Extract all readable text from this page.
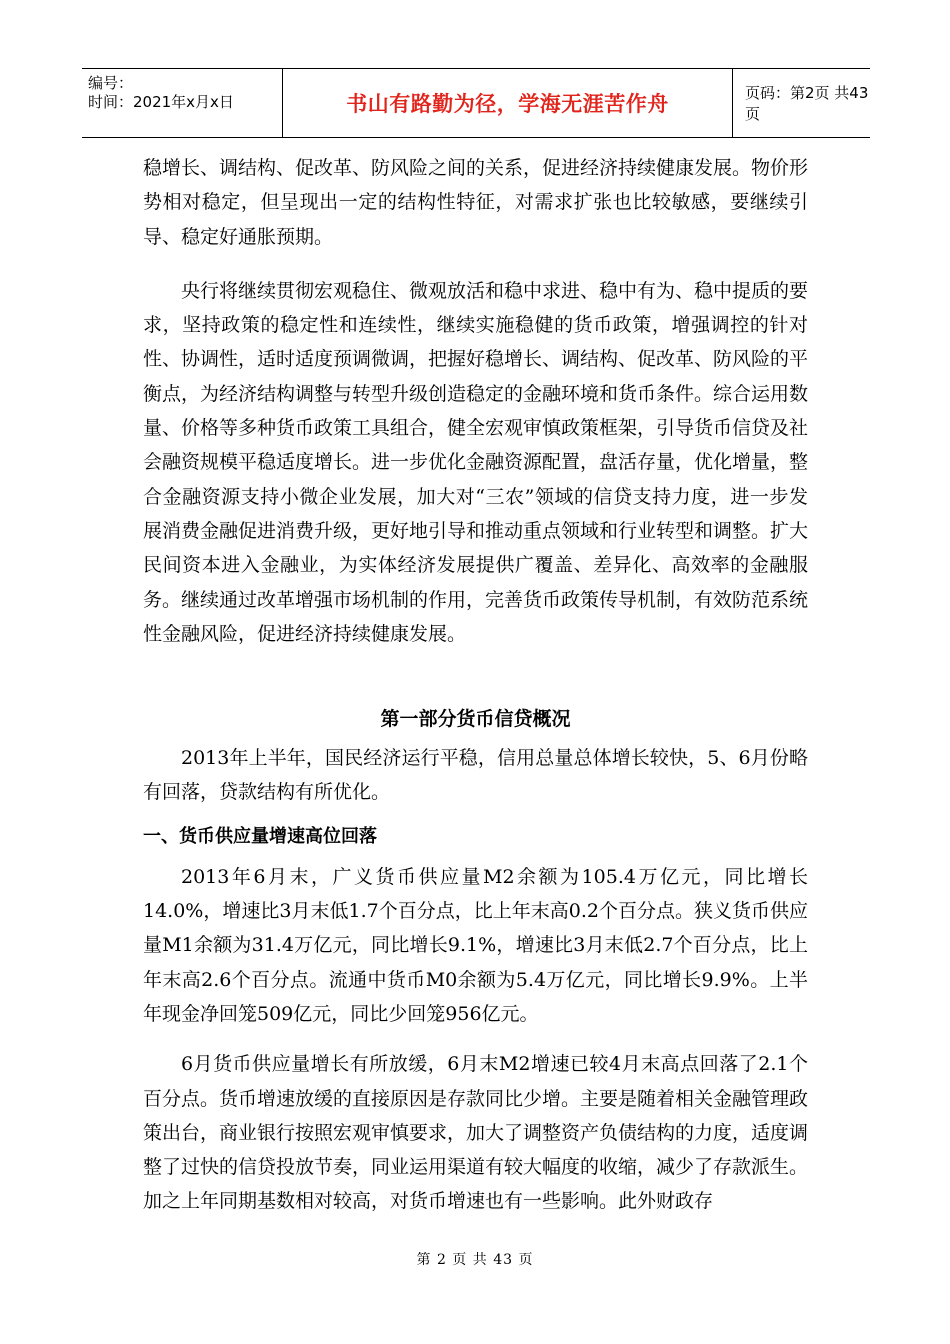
编号：
时间：2021年x月x日	书山有路勤为径，学海无涯苦作舟	页码：第2页 共43页

稳增长、调结构、促改革、防风险之间的关系，促进经济持续健康发展。物价形势相对稳定，但呈现出一定的结构性特征，对需求扩张也比较敏感，要继续引导、稳定好通胀预期。

央行将继续贯彻宏观稳住、微观放活和稳中求进、稳中有为、稳中提质的要求，坚持政策的稳定性和连续性，继续实施稳健的货币政策，增强调控的针对性、协调性，适时适度预调微调，把握好稳增长、调结构、促改革、防风险的平衡点，为经济结构调整与转型升级创造稳定的金融环境和货币条件。综合运用数量、价格等多种货币政策工具组合，健全宏观审慎政策框架，引导货币信贷及社会融资规模平稳适度增长。进一步优化金融资源配置，盘活存量，优化增量，整合金融资源支持小微企业发展，加大对“三农”领域的信贷支持力度，进一步发展消费金融促进消费升级，更好地引导和推动重点领域和行业转型和调整。扩大民间资本进入金融业，为实体经济发展提供广覆盖、差异化、高效率的金融服务。继续通过改革增强市场机制的作用，完善货币政策传导机制，有效防范系统性金融风险，促进经济持续健康发展。

第一部分货币信贷概况

2013年上半年，国民经济运行平稳，信用总量总体增长较快，5、6月份略有回落，贷款结构有所优化。

一、货币供应量增速高位回落

2013年6月末，广义货币供应量M2余额为105.4万亿元，同比增长14.0%，增速比3月末低1.7个百分点，比上年末高0.2个百分点。狭义货币供应量M1余额为31.4万亿元，同比增长9.1%，增速比3月末低2.7个百分点，比上年末高2.6个百分点。流通中货币M0余额为5.4万亿元，同比增长9.9%。上半年现金净回笼509亿元，同比少回笼956亿元。

6月货币供应量增长有所放缓，6月末M2增速已较4月末高点回落了2.1个百分点。货币增速放缓的直接原因是存款同比少增。主要是随着相关金融管理政策出台，商业银行按照宏观审慎要求，加大了调整资产负债结构的力度，适度调整了过快的信贷投放节奏，同业运用渠道有较大幅度的收缩，减少了存款派生。加之上年同期基数相对较高，对货币增速也有一些影响。此外财政存

第 2 页 共 43 页
